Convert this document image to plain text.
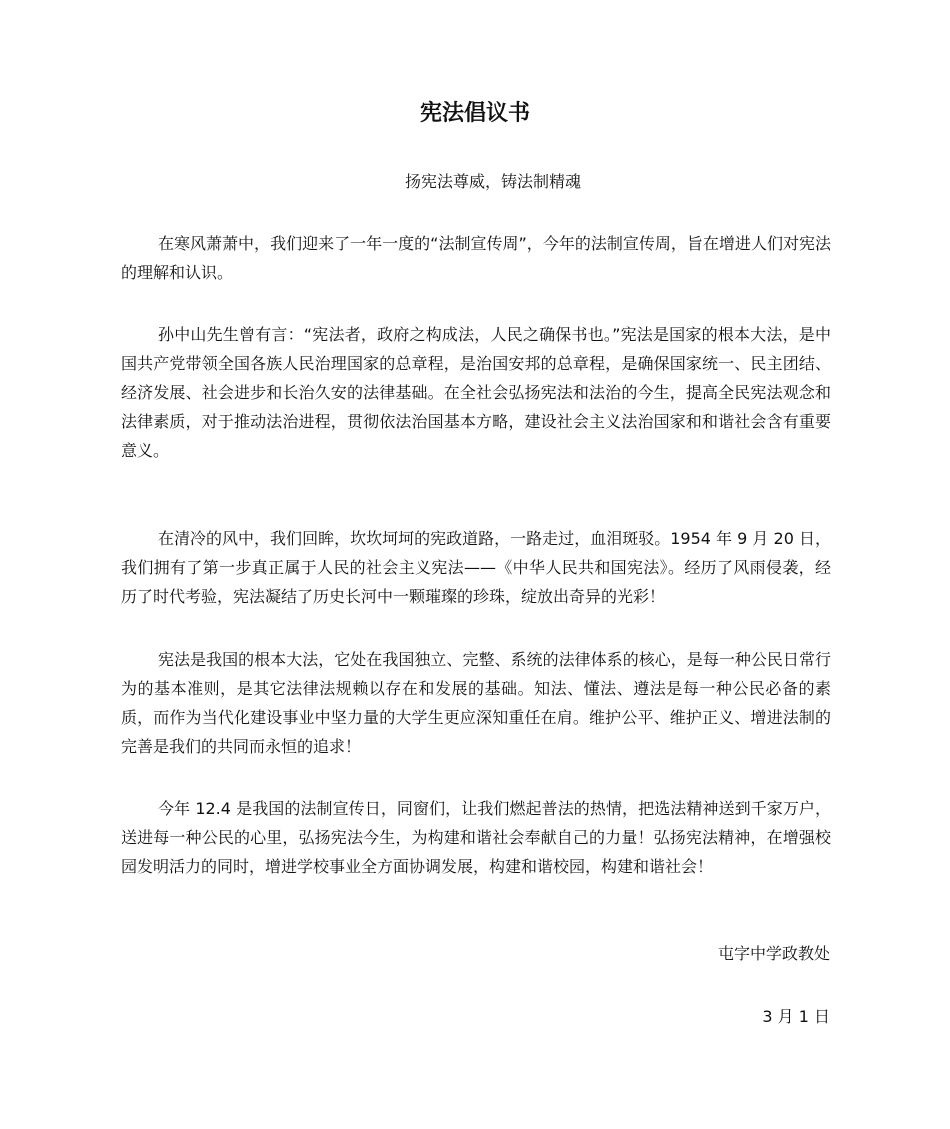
宪法倡议书
扬宪法尊威，铸法制精魂

在寒风萧萧中，我们迎来了一年一度的“法制宣传周”，今年的法制宣传周，旨在增进人们对宪法的理解和认识。

孙中山先生曾有言：“宪法者，政府之构成法，人民之确保书也。”宪法是国家的根本大法，是中国共产党带领全国各族人民治理国家的总章程，是治国安邦的总章程，是确保国家统一、民主团结、经济发展、社会进步和长治久安的法律基础。在全社会弘扬宪法和法治的今生，提高全民宪法观念和法律素质，对于推动法治进程，贯彻依法治国基本方略，建设社会主义法治国家和和谐社会含有重要意义。

在清冷的风中，我们回眸，坎坎坷坷的宪政道路，一路走过，血泪斑驳。1954 年 9 月 20 日，我们拥有了第一步真正属于人民的社会主义宪法——《中华人民共和国宪法》。经历了风雨侵袭，经历了时代考验，宪法凝结了历史长河中一颗璀璨的珍珠，绽放出奇异的光彩！

宪法是我国的根本大法，它处在我国独立、完整、系统的法律体系的核心，是每一种公民日常行为的基本准则，是其它法律法规赖以存在和发展的基础。知法、懂法、遵法是每一种公民必备的素质，而作为当代化建设事业中坚力量的大学生更应深知重任在肩。维护公平、维护正义、增进法制的完善是我们的共同而永恒的追求！

今年 12.4 是我国的法制宣传日，同窗们，让我们燃起普法的热情，把选法精神送到千家万户，送进每一种公民的心里，弘扬宪法今生，为构建和谐社会奉献自己的力量！弘扬宪法精神，在增强校园发明活力的同时，增进学校事业全方面协调发展，构建和谐校园，构建和谐社会！

屯字中学政教处
3 月 1 日
